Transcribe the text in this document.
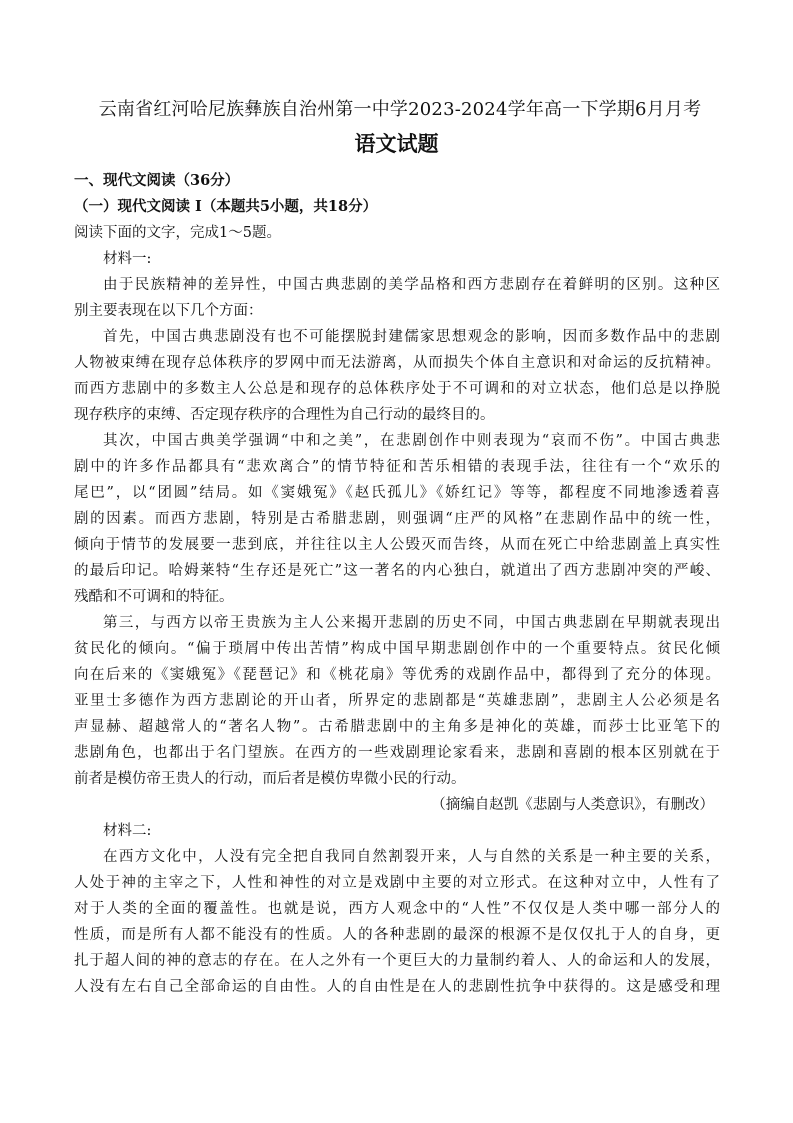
云南省红河哈尼族彝族自治州第一中学2023-2024学年高一下学期6月月考
语文试题
一、现代文阅读（36分）
（一）现代文阅读 I（本题共5小题，共18分）
阅读下面的文字，完成1～5题。
材料一:
由于民族精神的差异性，中国古典悲剧的美学品格和西方悲剧存在着鲜明的区别。这种区
别主要表现在以下几个方面：
首先，中国古典悲剧没有也不可能摆脱封建儒家思想观念的影响，因而多数作品中的悲剧
人物被束缚在现存总体秩序的罗网中而无法游离，从而损失个体自主意识和对命运的反抗精神。
而西方悲剧中的多数主人公总是和现存的总体秩序处于不可调和的对立状态，他们总是以挣脱
现存秩序的束缚、否定现存秩序的合理性为自己行动的最终目的。
其次，中国古典美学强调“中和之美”，在悲剧创作中则表现为“哀而不伤”。中国古典悲
剧中的许多作品都具有“悲欢离合”的情节特征和苦乐相错的表现手法，往往有一个“欢乐的
尾巴”，以“团圆”结局。如《窦娥冤》《赵氏孤儿》《娇红记》等等，都程度不同地渗透着喜
剧的因素。而西方悲剧，特别是古希腊悲剧，则强调“庄严的风格”在悲剧作品中的统一性，
倾向于情节的发展要一悲到底，并往往以主人公毁灭而告终，从而在死亡中给悲剧盖上真实性
的最后印记。哈姆莱特“生存还是死亡”这一著名的内心独白，就道出了西方悲剧冲突的严峻、
残酷和不可调和的特征。
第三，与西方以帝王贵族为主人公来揭开悲剧的历史不同，中国古典悲剧在早期就表现出
贫民化的倾向。“偏于琐屑中传出苦情”构成中国早期悲剧创作中的一个重要特点。贫民化倾
向在后来的《窦娥冤》《琵琶记》和《桃花扇》等优秀的戏剧作品中，都得到了充分的体现。
亚里士多德作为西方悲剧论的开山者，所界定的悲剧都是“英雄悲剧”，悲剧主人公必须是名
声显赫、超越常人的“著名人物”。古希腊悲剧中的主角多是神化的英雄，而莎士比亚笔下的
悲剧角色，也都出于名门望族。在西方的一些戏剧理论家看来，悲剧和喜剧的根本区别就在于
前者是模仿帝王贵人的行动，而后者是模仿卑微小民的行动。
（摘编自赵凯《悲剧与人类意识》，有删改）
材料二:
在西方文化中，人没有完全把自我同自然割裂开来，人与自然的关系是一种主要的关系，
人处于神的主宰之下，人性和神性的对立是戏剧中主要的对立形式。在这种对立中，人性有了
对于人类的全面的覆盖性。也就是说，西方人观念中的“人性”不仅仅是人类中哪一部分人的
性质，而是所有人都不能没有的性质。人的各种悲剧的最深的根源不是仅仅扎于人的自身，更
扎于超人间的神的意志的存在。在人之外有一个更巨大的力量制约着人、人的命运和人的发展，
人没有左右自己全部命运的自由性。人的自由性是在人的悲剧性抗争中获得的。这是感受和理
